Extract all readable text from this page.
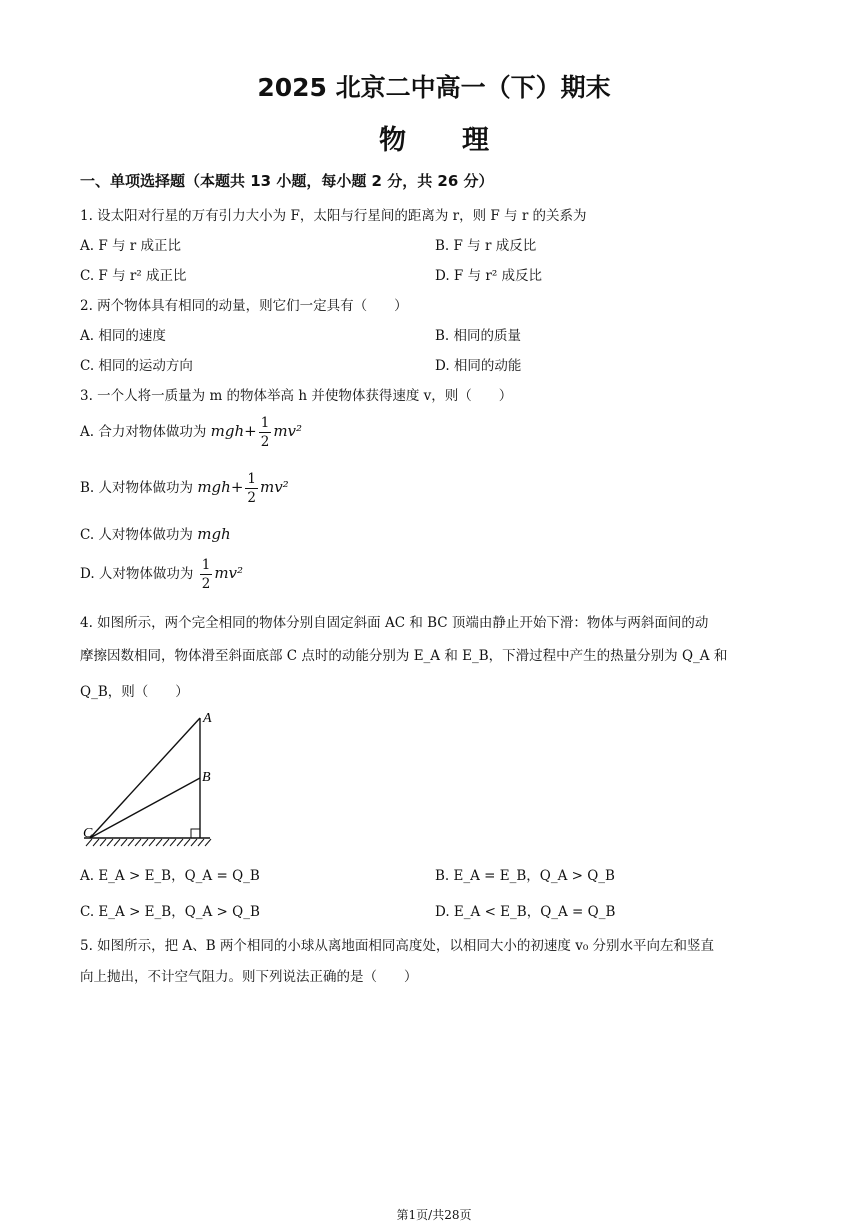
2025 北京二中高一（下）期末
物理
一、单项选择题（本题共 13 小题，每小题 2 分，共 26 分）
1. 设太阳对行星的万有引力大小为 F，太阳与行星间的距离为 r，则 F 与 r 的关系为
A. F 与 r 成正比	B. F 与 r 成反比
C. F 与 r² 成正比	D. F 与 r² 成反比
2. 两个物体具有相同的动量，则它们一定具有（　　）
A. 相同的速度	B. 相同的质量
C. 相同的运动方向	D. 相同的动能
3. 一个人将一质量为 m 的物体举高 h 并使物体获得速度 v，则（　　）
A. 合力对物体做功为 $mgh+ \frac{1}{2} mv^2$
B. 人对物体做功为 $mgh+ \frac{1}{2} mv^2$
C. 人对物体做功为 mgh
D. 人对物体做功为 $\frac{1}{2} mv^2$
4. 如图所示，两个完全相同的物体分别自固定斜面 AC 和 BC 顶端由静止开始下滑：物体与两斜面间的动
摩擦因数相同，物体滑至斜面底部 C 点时的动能分别为 E_A 和 E_B，下滑过程中产生的热量分别为 Q_A 和
Q_B，则（　　）
A
B
C
A. E_A > E_B，Q_A = Q_B	B. E_A = E_B，Q_A > Q_B
C. E_A > E_B，Q_A > Q_B	D. E_A < E_B，Q_A = Q_B
5. 如图所示，把 A、B 两个相同的小球从离地面相同高度处，以相同大小的初速度 v₀ 分别水平向左和竖直
向上抛出，不计空气阻力。则下列说法正确的是（　　）
第1页/共28页
